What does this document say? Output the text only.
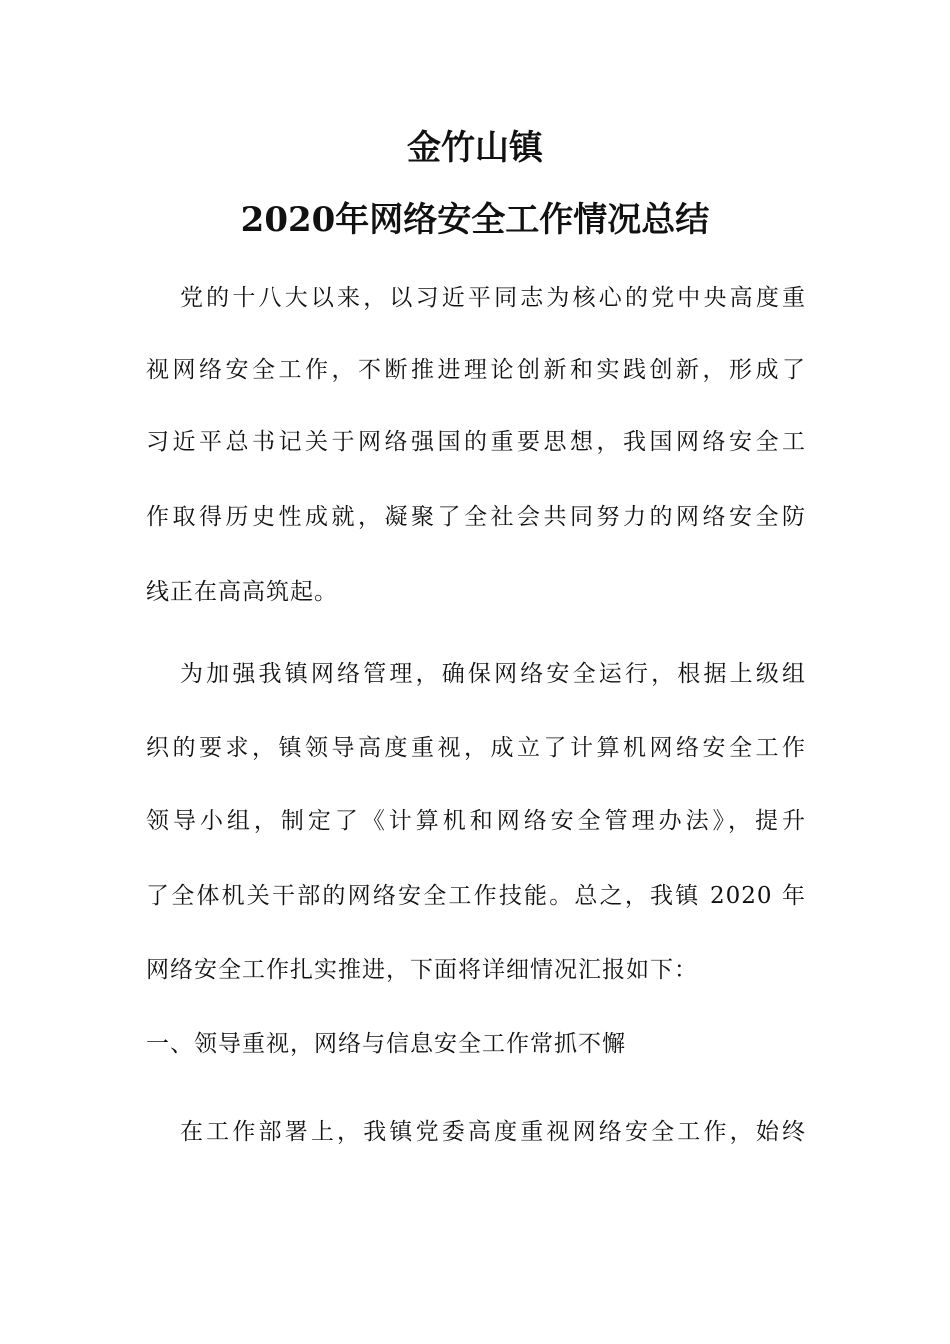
金竹山镇
2020年网络安全工作情况总结
党的十八大以来，以习近平同志为核心的党中央高度重
视网络安全工作，不断推进理论创新和实践创新，形成了
习近平总书记关于网络强国的重要思想，我国网络安全工
作取得历史性成就，凝聚了全社会共同努力的网络安全防
线正在高高筑起。
为加强我镇网络管理，确保网络安全运行，根据上级组
织的要求，镇领导高度重视，成立了计算机网络安全工作
领导小组，制定了《计算机和网络安全管理办法》，提升
了全体机关干部的网络安全工作技能。总之，我镇 2020 年
网络安全工作扎实推进，下面将详细情况汇报如下：
一、领导重视，网络与信息安全工作常抓不懈
在工作部署上，我镇党委高度重视网络安全工作，始终
